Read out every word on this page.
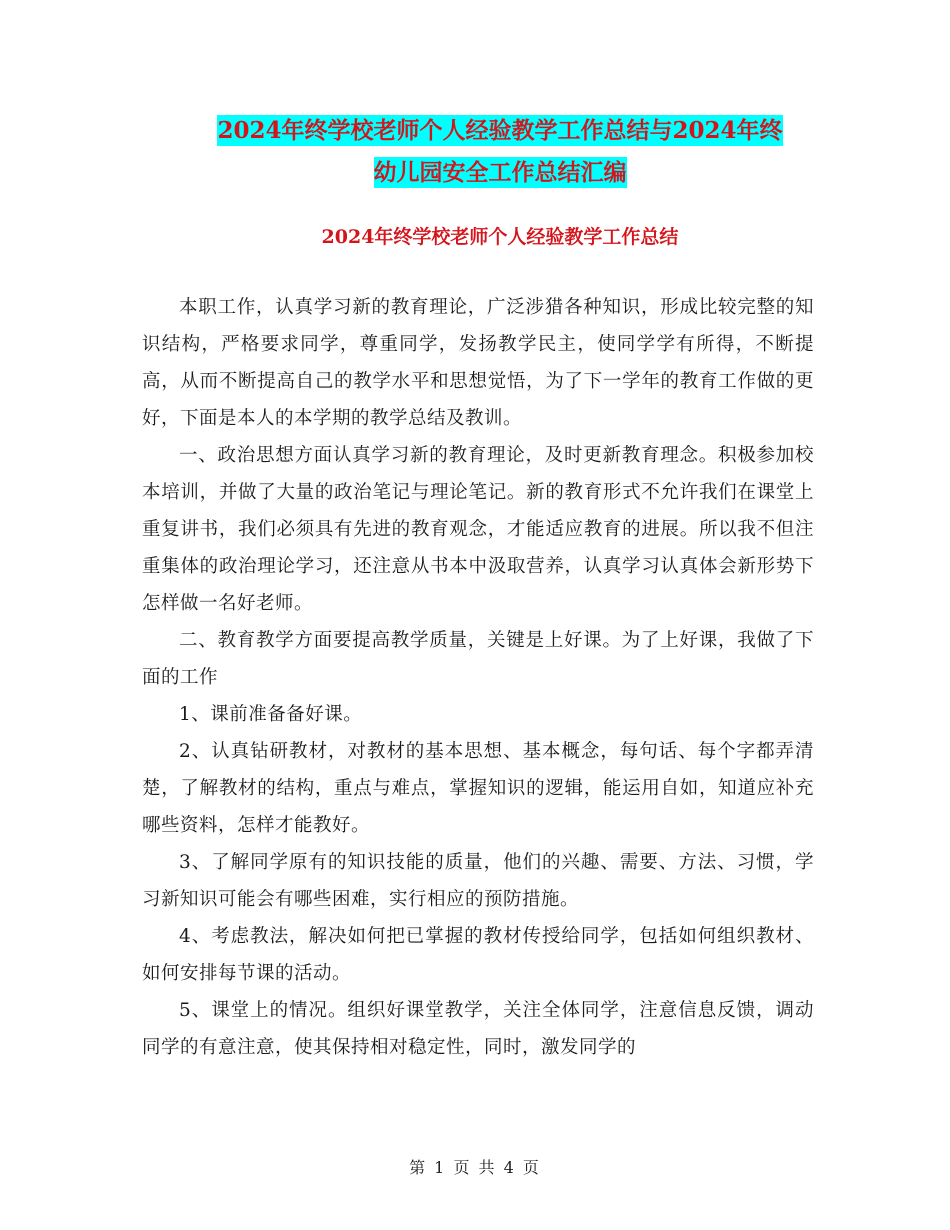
2024年终学校老师个人经验教学工作总结与2024年终
幼儿园安全工作总结汇编
2024年终学校老师个人经验教学工作总结

本职工作，认真学习新的教育理论，广泛涉猎各种知识，形成比较完整的知识结构，严格要求同学，尊重同学，发扬教学民主，使同学学有所得，不断提高，从而不断提高自己的教学水平和思想觉悟，为了下一学年的教育工作做的更好，下面是本人的本学期的教学总结及教训。

一、政治思想方面认真学习新的教育理论，及时更新教育理念。积极参加校本培训，并做了大量的政治笔记与理论笔记。新的教育形式不允许我们在课堂上重复讲书，我们必须具有先进的教育观念，才能适应教育的进展。所以我不但注重集体的政治理论学习，还注意从书本中汲取营养，认真学习认真体会新形势下怎样做一名好老师。

二、教育教学方面要提高教学质量，关键是上好课。为了上好课，我做了下面的工作

1、课前准备备好课。

2、认真钻研教材，对教材的基本思想、基本概念，每句话、每个字都弄清楚，了解教材的结构，重点与难点，掌握知识的逻辑，能运用自如，知道应补充哪些资料，怎样才能教好。

3、了解同学原有的知识技能的质量，他们的兴趣、需要、方法、习惯，学习新知识可能会有哪些困难，实行相应的预防措施。

4、考虑教法，解决如何把已掌握的教材传授给同学，包括如何组织教材、如何安排每节课的活动。

5、课堂上的情况。组织好课堂教学，关注全体同学，注意信息反馈，调动同学的有意注意，使其保持相对稳定性，同时，激发同学的

第 1 页 共 4 页
